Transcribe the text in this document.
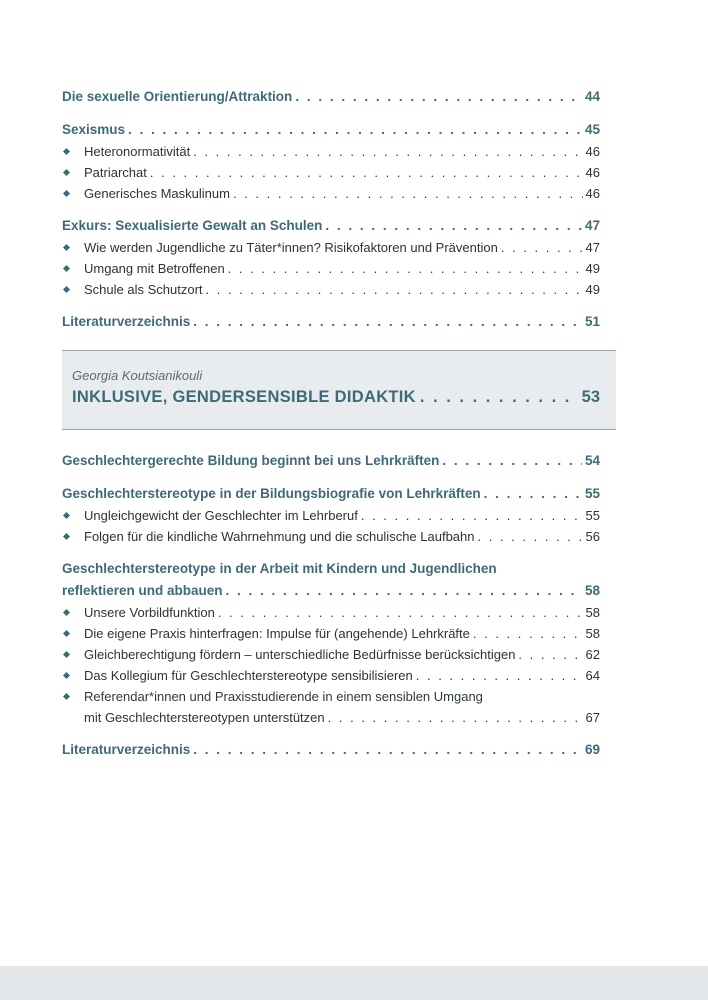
Die sexuelle Orientierung/Attraktion . . .	44
Sexismus . . .	45
Heteronormativität . . .	46
Patriarchat . . .	46
Generisches Maskulinum . . .	46
Exkurs: Sexualisierte Gewalt an Schulen . . .	47
Wie werden Jugendliche zu Täter*innen? Risikofaktoren und Prävention . . .	47
Umgang mit Betroffenen . . .	49
Schule als Schutzort . . .	49
Literaturverzeichnis . . .	51
Georgia Koutsianikouli
INKLUSIVE, GENDERSENSIBLE DIDAKTIK . . .	53
Geschlechtergerechte Bildung beginnt bei uns Lehrkräften . . .	54
Geschlechterstereotype in der Bildungsbiografie von Lehrkräften . . .	55
Ungleichgewicht der Geschlechter im Lehrberuf . . .	55
Folgen für die kindliche Wahrnehmung und die schulische Laufbahn . . .	56
Geschlechterstereotype in der Arbeit mit Kindern und Jugendlichen
reflektieren und abbauen . . .	58
Unsere Vorbildfunktion . . .	58
Die eigene Praxis hinterfragen: Impulse für (angehende) Lehrkräfte . . .	58
Gleichberechtigung fördern – unterschiedliche Bedürfnisse berücksichtigen . . .	62
Das Kollegium für Geschlechterstereotype sensibilisieren . . .	64
Referendar*innen und Praxisstudierende in einem sensiblen Umgang
mit Geschlechterstereotypen unterstützen . . .	67
Literaturverzeichnis . . .	69
